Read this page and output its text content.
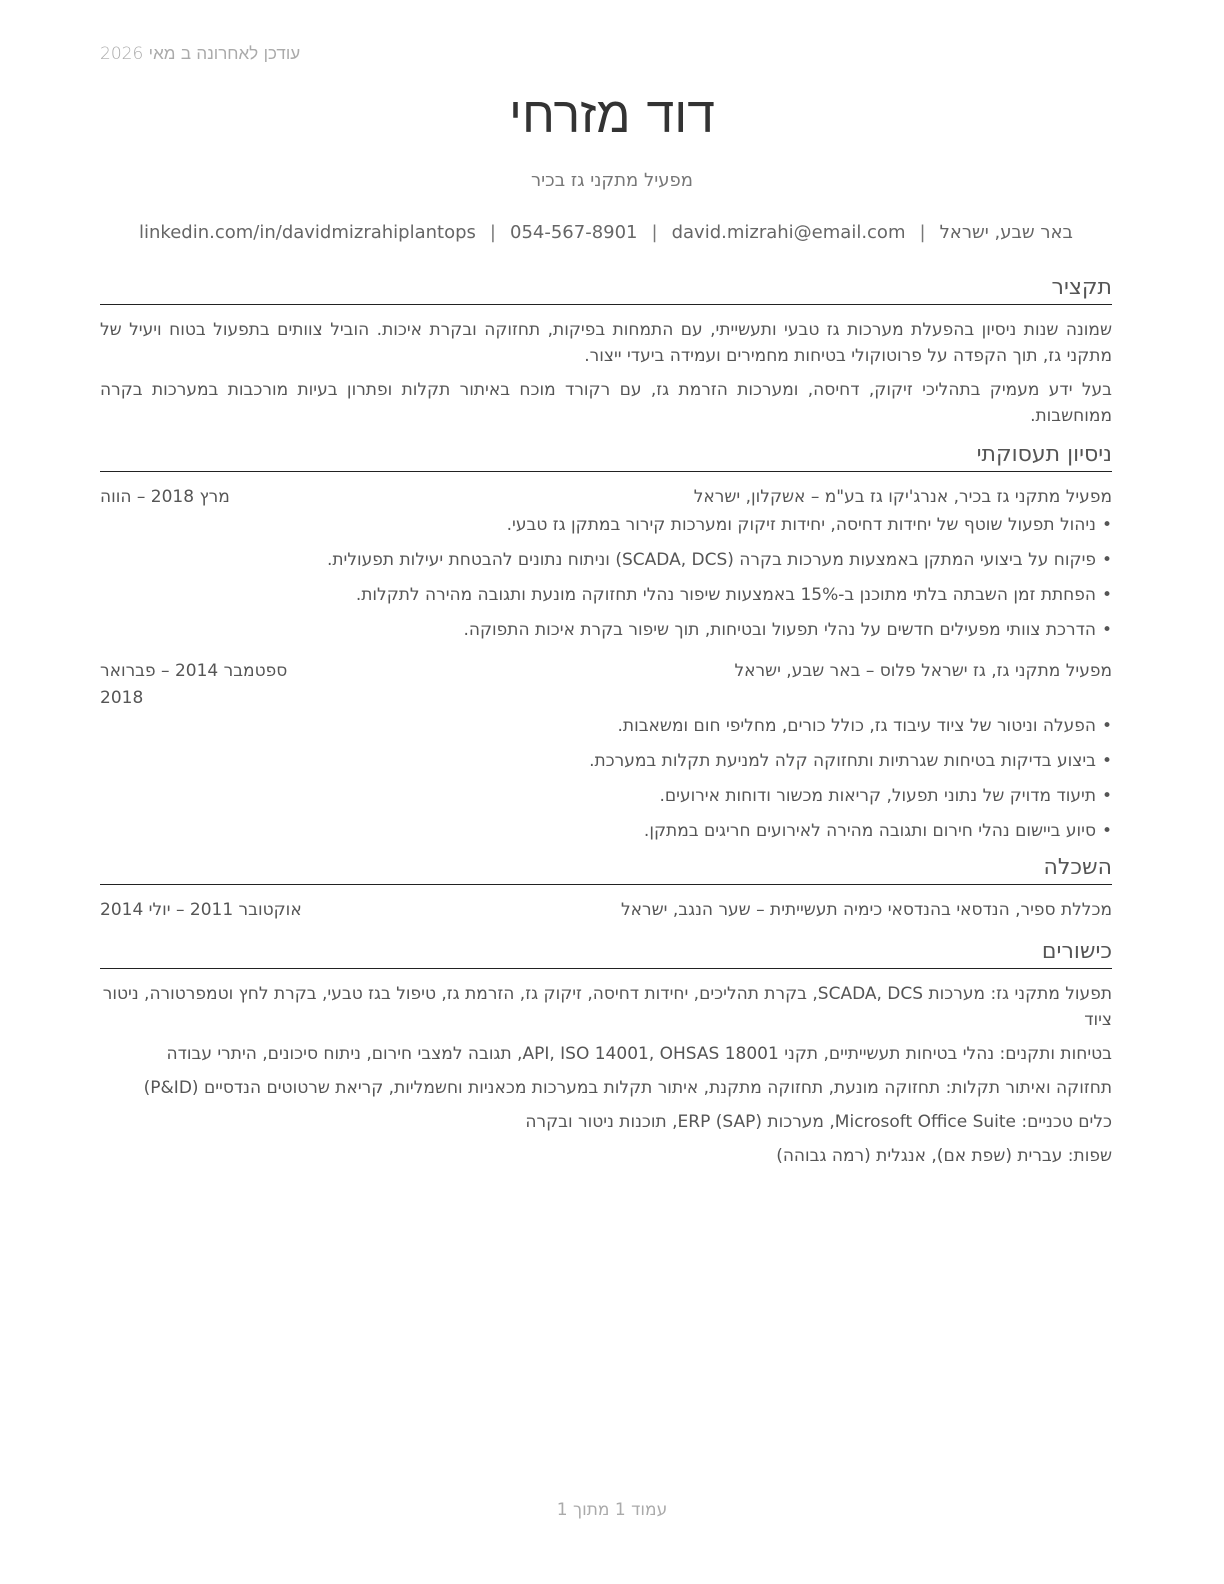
עודכן לאחרונה ב מאי 2026
דוד מזרחי
מפעיל מתקני גז בכיר
באר שבע, ישראל|david.mizrahi@email.com|054-567-8901|linkedin.com/in/davidmizrahiplantops
תקציר

שמונה שנות ניסיון בהפעלת מערכות גז טבעי ותעשייתי, עם התמחות בפיקות, תחזוקה ובקרת איכות. הוביל צוותים בתפעול בטוח ויעיל של מתקני גז, תוך הקפדה על פרוטוקולי בטיחות מחמירים ועמידה ביעדי ייצור.

בעל ידע מעמיק בתהליכי זיקוק, דחיסה, ומערכות הזרמת גז, עם רקורד מוכח באיתור תקלות ופתרון בעיות מורכבות במערכות בקרה ממוחשבות.

ניסיון תעסוקתי
מפעיל מתקני גז בכיר, אנרג'יקו גז בע"מ – אשקלון, ישראל
מרץ 2018 – הווה
• ניהול תפעול שוטף של יחידות דחיסה, יחידות זיקוק ומערכות קירור במתקן גז טבעי.
• פיקוח על ביצועי המתקן באמצעות מערכות בקרה (SCADA, DCS) וניתוח נתונים להבטחת יעילות תפעולית.
• הפחתת זמן השבתה בלתי מתוכנן ב-15% באמצעות שיפור נהלי תחזוקה מונעת ותגובה מהירה לתקלות.
• הדרכת צוותי מפעילים חדשים על נהלי תפעול ובטיחות, תוך שיפור בקרת איכות התפוקה.
מפעיל מתקני גז, גז ישראל פלוס – באר שבע, ישראל
ספטמבר 2014 – פברואר 2018
• הפעלה וניטור של ציוד עיבוד גז, כולל כורים, מחליפי חום ומשאבות.
• ביצוע בדיקות בטיחות שגרתיות ותחזוקה קלה למניעת תקלות במערכת.
• תיעוד מדויק של נתוני תפעול, קריאות מכשור ודוחות אירועים.
• סיוע ביישום נהלי חירום ותגובה מהירה לאירועים חריגים במתקן.
השכלה
מכללת ספיר, הנדסאי בהנדסאי כימיה תעשייתית – שער הנגב, ישראל
אוקטובר 2011 – יולי 2014
כישורים
תפעול מתקני גז: מערכות SCADA, DCS, בקרת תהליכים, יחידות דחיסה, זיקוק גז, הזרמת גז, טיפול בגז טבעי, בקרת לחץ וטמפרטורה, ניטור ציוד
בטיחות ותקנים: נהלי בטיחות תעשייתיים, תקני API, ISO 14001, OHSAS 18001, תגובה למצבי חירום, ניתוח סיכונים, היתרי עבודה
תחזוקה ואיתור תקלות: תחזוקה מונעת, תחזוקה מתקנת, איתור תקלות במערכות מכאניות וחשמליות, קריאת שרטוטים הנדסיים (P&ID)
כלים טכניים: Microsoft Office Suite, מערכות ERP (SAP), תוכנות ניטור ובקרה
שפות: עברית (שפת אם), אנגלית (רמה גבוהה)
עמוד 1 מתוך 1
